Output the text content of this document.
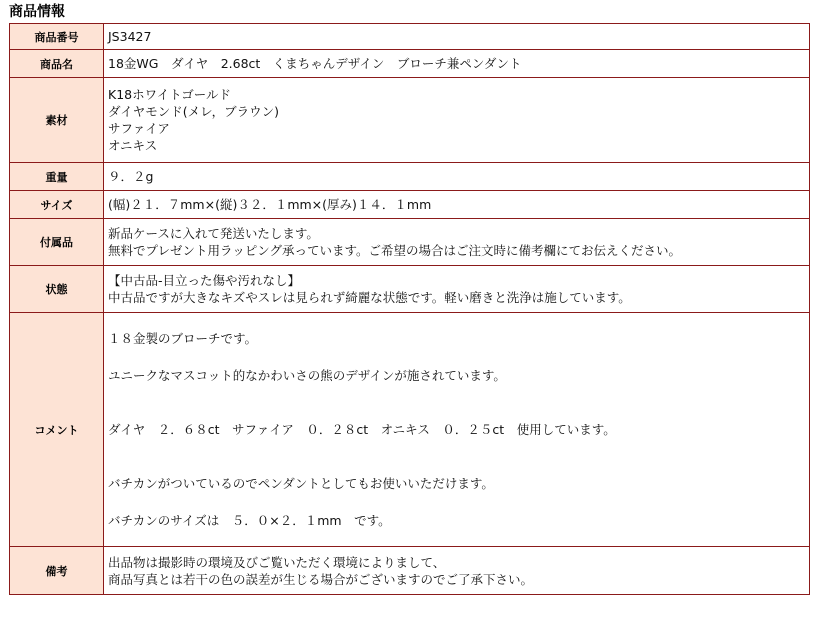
商品情報
商品番号	JS3427

商品名	18金WG　ダイヤ　2.68ct　くまちゃんデザイン　ブローチ兼ペンダント

素材	K18ホワイトゴールド
ダイヤモンド(メレ，ブラウン)
サファイア
オニキス

重量	９．２g

サイズ	(幅)２１．７mm×(縦)３２．１mm×(厚み)１４．１mm

付属品	新品ケースに入れて発送いたします。
無料でプレゼント用ラッピング承っています。ご希望の場合はご注文時に備考欄にてお伝えください。

状態	【中古品-目立った傷や汚れなし】
中古品ですが大きなキズやスレは見られず綺麗な状態です。軽い磨きと洗浄は施しています。

コメント	１８金製のブローチです。
ユニークなマスコット的なかわいさの熊のデザインが施されています。
ダイヤ　２．６８ct　サファイア　０．２８ct　オニキス　０．２５ct　使用しています。
バチカンがついているのでペンダントとしてもお使いいただけます。
バチカンのサイズは　５．０×２．１mm　です。

備考	出品物は撮影時の環境及びご覧いただく環境によりまして、
商品写真とは若干の色の誤差が生じる場合がございますのでご了承下さい。
